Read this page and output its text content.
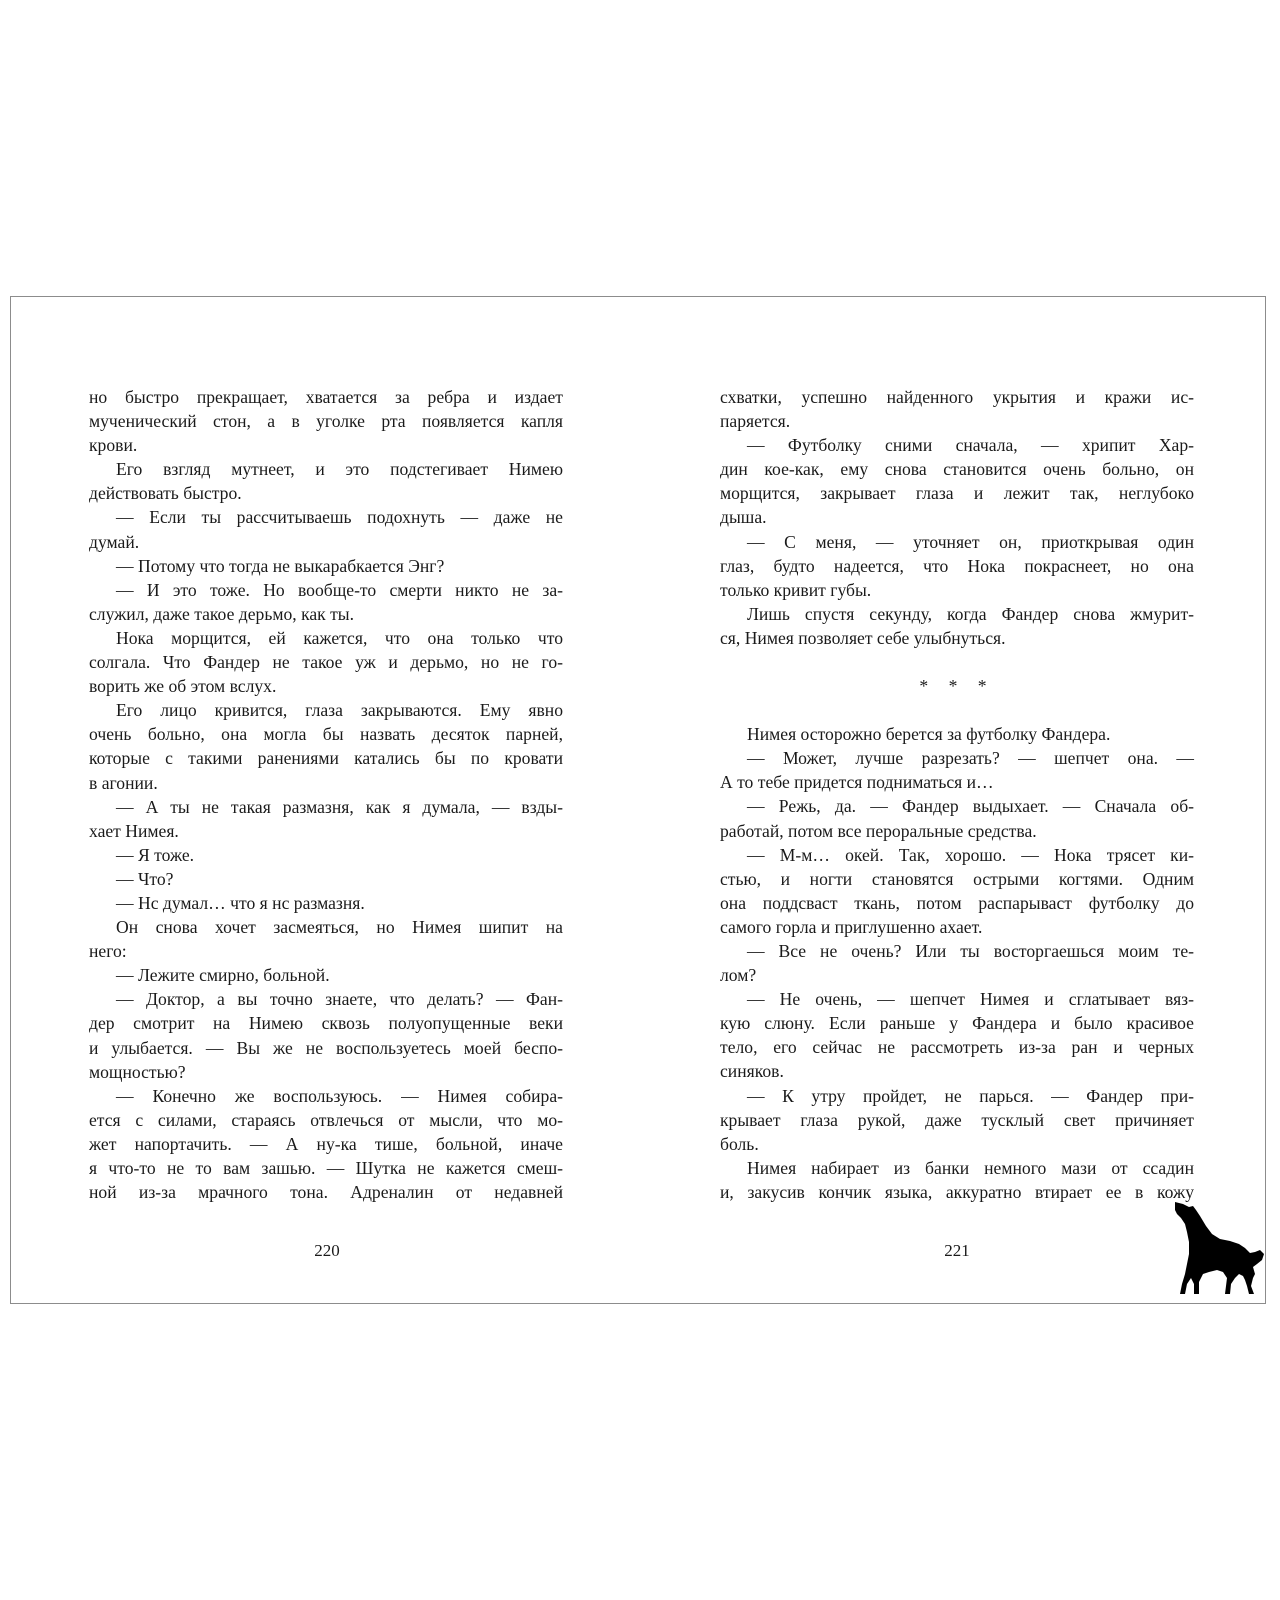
но быстро прекращает, хватается за ребра и издает

мученический стон, а в уголке рта появляется капля

крови.

Его взгляд мутнеет, и это подстегивает Нимею

действовать быстро.

— Если ты рассчитываешь подохнуть — даже не

думай.

— Потому что тогда не выкарабкается Энг?

— И это тоже. Но вообще-то смерти никто не за-

служил, даже такое дерьмо, как ты.

Нока морщится, ей кажется, что она только что

солгала. Что Фандер не такое уж и дерьмо, но не го-

ворить же об этом вслух.

Его лицо кривится, глаза закрываются. Ему явно

очень больно, она могла бы назвать десяток парней,

которые с такими ранениями катались бы по кровати

в агонии.

— А ты не такая размазня, как я думала, — взды-

хает Нимея.

— Я тоже.

— Что?

— Нс думал… что я нс размазня.

Он снова хочет засмеяться, но Нимея шипит на

него:

— Лежите смирно, больной.

— Доктор, а вы точно знаете, что делать? — Фан-

дер смотрит на Нимею сквозь полуопущенные веки

и улыбается. — Вы же не воспользуетесь моей беспо-

мощностью?

— Конечно же воспользуюсь. — Нимея собира-

ется с силами, стараясь отвлечься от мысли, что мо-

жет напортачить. — А ну-ка тише, больной, иначе

я что-то не то вам зашью. — Шутка не кажется смеш-

ной из-за мрачного тона. Адреналин от недавней

схватки, успешно найденного укрытия и кражи ис-

паряется.

— Футболку сними сначала, — хрипит Хар-

дин кое-как, ему снова становится очень больно, он

морщится, закрывает глаза и лежит так, неглубоко

дыша.

— С меня, — уточняет он, приоткрывая один

глаз, будто надеется, что Нока покраснеет, но она

только кривит губы.

Лишь спустя секунду, когда Фандер снова жмурит-

ся, Нимея позволяет себе улыбнуться.

* * *

Нимея осторожно берется за футболку Фандера.

— Может, лучше разрезать? — шепчет она. —

А то тебе придется подниматься и…

— Режь, да. — Фандер выдыхает. — Сначала об-

работай, потом все пероральные средства.

— М-м… окей. Так, хорошо. — Нока трясет ки-

стью, и ногти становятся острыми когтями. Одним

она поддсваст ткань, потом распарываст футболку до

самого горла и приглушенно ахает.

— Все не очень? Или ты восторгаешься моим те-

лом?

— Не очень, — шепчет Нимея и сглатывает вяз-

кую слюну. Если раньше у Фандера и было красивое

тело, его сейчас не рассмотреть из-за ран и черных

синяков.

— К утру пройдет, не парься. — Фандер при-

крывает глаза рукой, даже тусклый свет причиняет

боль.

Нимея набирает из банки немного мази от ссадин

и, закусив кончик языка, аккуратно втирает ее в кожу

220	221
